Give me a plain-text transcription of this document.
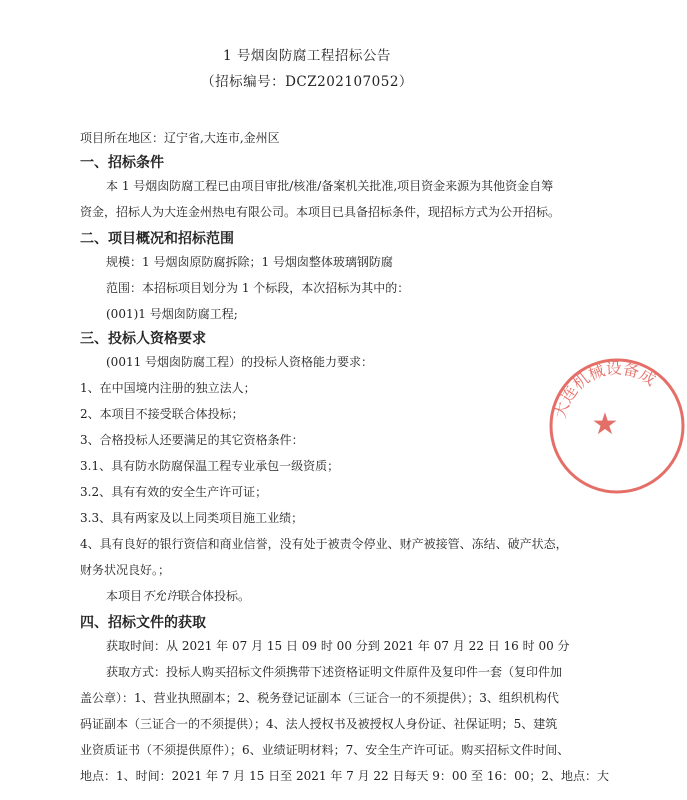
1 号烟囱防腐工程招标公告
（招标编号：DCZ202107052）
项目所在地区：辽宁省,大连市,金州区
一、招标条件
本 1 号烟囱防腐工程已由项目审批/核准/备案机关批准,项目资金来源为其他资金自筹
资金，招标人为大连金州热电有限公司。本项目已具备招标条件，现招标方式为公开招标。
二、项目概况和招标范围
规模：1 号烟囱原防腐拆除；1 号烟囱整体玻璃钢防腐
范围：本招标项目划分为 1 个标段，本次招标为其中的：
(001)1 号烟囱防腐工程;
三、投标人资格要求
(0011 号烟囱防腐工程）的投标人资格能力要求：
1、在中国境内注册的独立法人；
2、本项目不接受联合体投标；
3、合格投标人还要满足的其它资格条件：
3.1、具有防水防腐保温工程专业承包一级资质；
3.2、具有有效的安全生产许可证；
3.3、具有两家及以上同类项目施工业绩；
4、具有良好的银行资信和商业信誉，没有处于被责令停业、财产被接管、冻结、破产状态，
财务状况良好。；
本项目不允许联合体投标。
四、招标文件的获取
获取时间：从 2021 年 07 月 15 日 09 时 00 分到 2021 年 07 月 22 日 16 时 00 分
获取方式：投标人购买招标文件须携带下述资格证明文件原件及复印件一套（复印件加
盖公章）：1、营业执照副本；2、税务登记证副本（三证合一的不须提供）；3、组织机构代
码证副本（三证合一的不须提供）；4、法人授权书及被授权人身份证、社保证明；5、建筑
业资质证书（不须提供原件）；6、业绩证明材料；7、安全生产许可证。购买招标文件时间、
地点：1、时间：2021 年 7 月 15 日至 2021 年 7 月 22 日每天 9：00 至 16：00；2、地点：大
大连机械设备成
★
